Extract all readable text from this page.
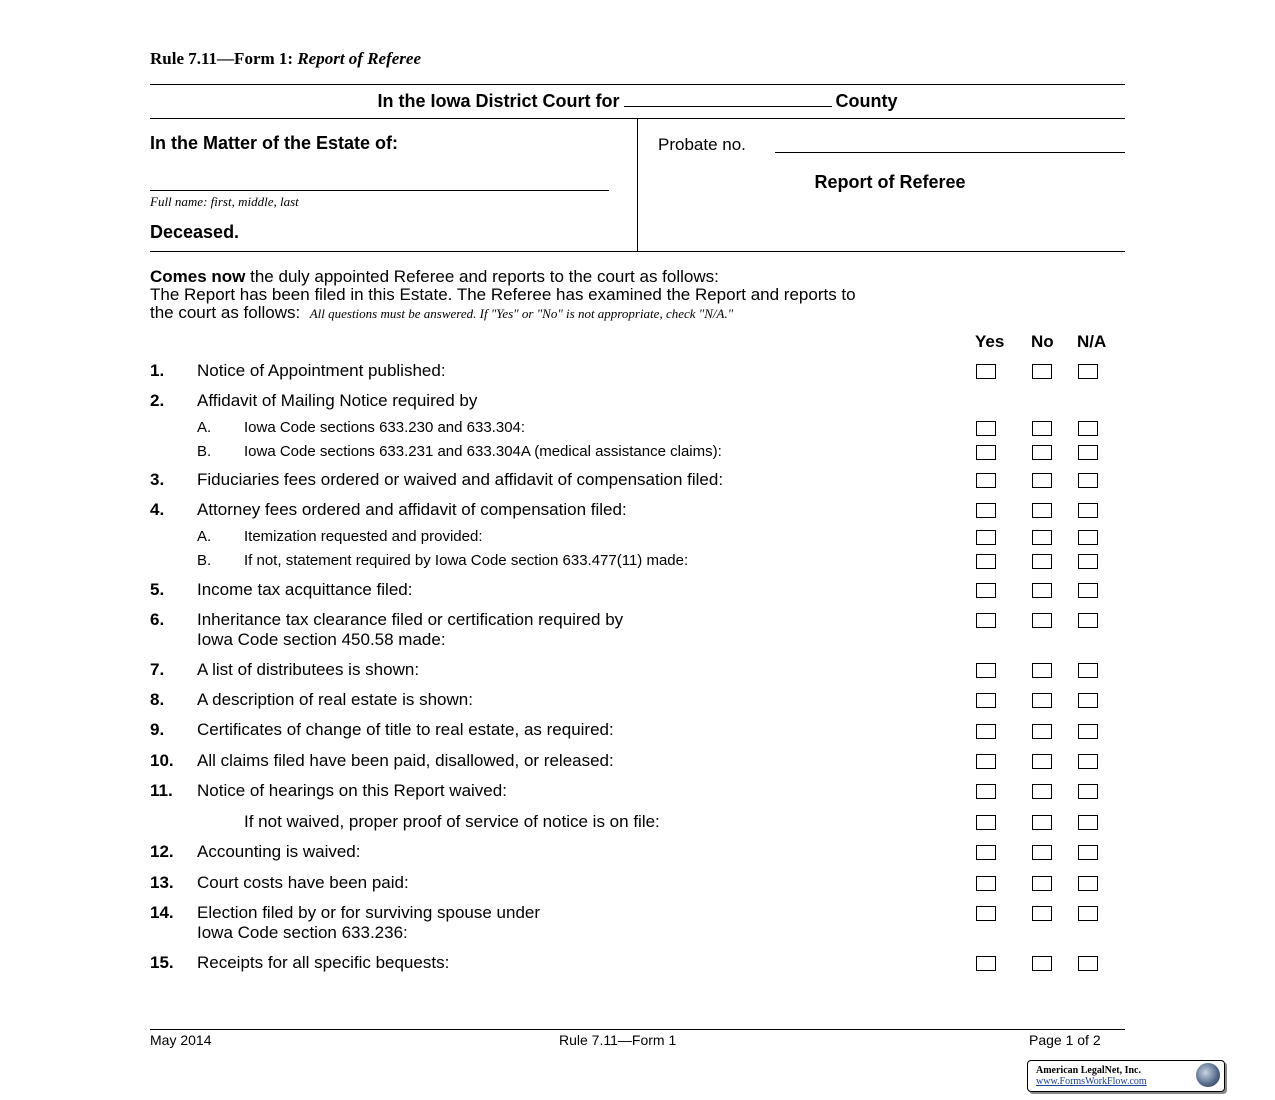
Rule 7.11—Form 1: Report of Referee
In the Iowa District Court for	County
In the Matter of the Estate of:
Full name: first, middle, last
Deceased.
Probate no.
Report of Referee
Comes now the duly appointed Referee and reports to the court as follows:
The Report has been filed in this Estate. The Referee has examined the Report and reports to
the court as follows: All questions must be answered. If "Yes" or "No" is not appropriate, check "N/A."
Yes No N/A
1. Notice of Appointment published:
2. Affidavit of Mailing Notice required by
A. Iowa Code sections 633.230 and 633.304:
B. Iowa Code sections 633.231 and 633.304A (medical assistance claims):
3. Fiduciaries fees ordered or waived and affidavit of compensation filed:
4. Attorney fees ordered and affidavit of compensation filed:
A. Itemization requested and provided:
B. If not, statement required by Iowa Code section 633.477(11) made:
5. Income tax acquittance filed:
6. Inheritance tax clearance filed or certification required by
Iowa Code section 450.58 made:
7. A list of distributees is shown:
8. A description of real estate is shown:
9. Certificates of change of title to real estate, as required:
10. All claims filed have been paid, disallowed, or released:
11. Notice of hearings on this Report waived:
If not waived, proper proof of service of notice is on file:
12. Accounting is waived:
13. Court costs have been paid:
14. Election filed by or for surviving spouse under
Iowa Code section 633.236:
15. Receipts for all specific bequests:
May 2014	Rule 7.11—Form 1	Page 1 of 2
American LegalNet, Inc.
www.FormsWorkFlow.com
